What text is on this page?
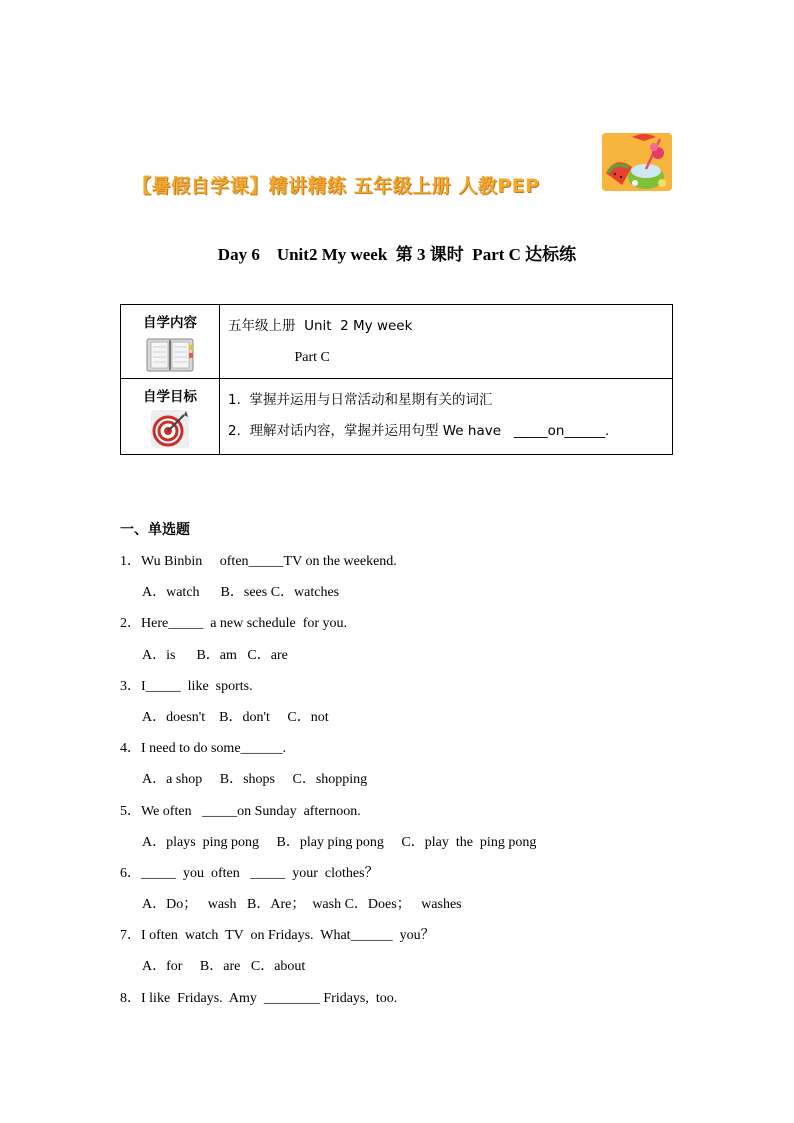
【暑假自学课】精讲精练 五年级上册 人教PEP
Day 6　Unit2 My week  第 3 课时  Part C 达标练
自学内容	五年级上册  Unit  2 My week
Part C

自学目标	1.  掌握并运用与日常活动和星期有关的词汇
2.  理解对话内容，掌握并运用句型 We have   _____on______.
一、单选题
1．Wu Binbin     often_____TV on the weekend.
A．watch      B．sees C．watches
2．Here_____  a new schedule  for you.
A．is      B．am   C．are
3．I_____  like  sports.
A．doesn't    B．don't     C．not
4．I need to do some______.
A．a shop     B．shops     C．shopping
5．We often   _____on Sunday  afternoon.
A．plays  ping pong     B．play ping pong     C．play  the  ping pong
6．_____  you  often   _____  your  clothes？
A．Do；   wash   B．Are；  wash C．Does；   washes
7．I often  watch  TV  on Fridays.  What______  you？
A．for     B．are   C．about
8．I like  Fridays.  Amy  ________ Fridays,  too.
